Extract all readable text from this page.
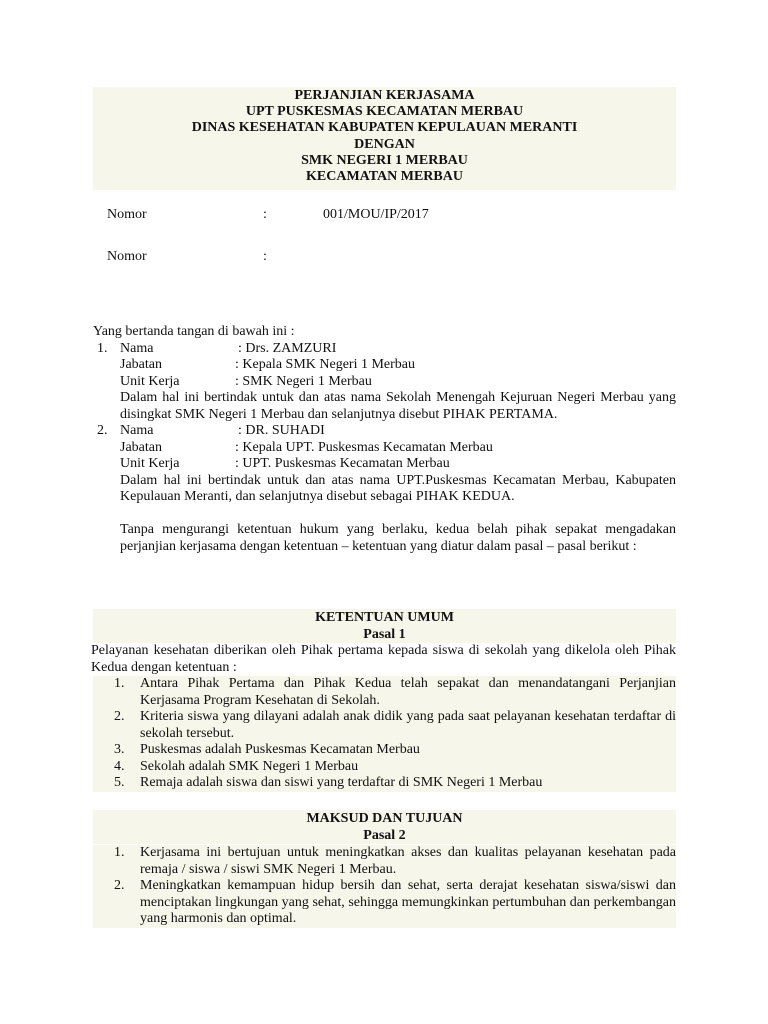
PERJANJIAN KERJASAMA
UPT PUSKESMAS KECAMATAN MERBAU
DINAS KESEHATAN KABUPATEN KEPULAUAN MERANTI
DENGAN
SMK NEGERI 1 MERBAU
KECAMATAN MERBAU
Nomor	:	001/MOU/IP/2017
Nomor	:
Yang bertanda tangan di bawah ini :
1. Nama	: Drs. ZAMZURI
Jabatan	: Kepala SMK Negeri 1 Merbau
Unit Kerja	: SMK Negeri 1 Merbau
Dalam hal ini bertindak untuk dan atas nama Sekolah Menengah Kejuruan Negeri Merbau yang disingkat SMK Negeri 1 Merbau dan selanjutnya disebut PIHAK PERTAMA.
2. Nama	: DR. SUHADI
Jabatan	: Kepala UPT. Puskesmas Kecamatan Merbau
Unit Kerja	: UPT. Puskesmas Kecamatan Merbau
Dalam hal ini bertindak untuk dan atas nama UPT.Puskesmas Kecamatan Merbau, Kabupaten Kepulauan Meranti, dan selanjutnya disebut sebagai PIHAK KEDUA.
Tanpa mengurangi ketentuan hukum yang berlaku, kedua belah pihak sepakat mengadakan perjanjian kerjasama dengan ketentuan – ketentuan yang diatur dalam pasal – pasal berikut :
KETENTUAN UMUM
Pasal 1
Pelayanan kesehatan diberikan oleh Pihak pertama kepada siswa di sekolah yang dikelola oleh Pihak Kedua dengan ketentuan :
1. Antara Pihak Pertama dan Pihak Kedua telah sepakat dan menandatangani Perjanjian Kerjasama Program Kesehatan di Sekolah.
2. Kriteria siswa yang dilayani adalah anak didik yang pada saat pelayanan kesehatan terdaftar di sekolah tersebut.
3. Puskesmas adalah Puskesmas Kecamatan Merbau
4. Sekolah adalah SMK Negeri 1 Merbau
5. Remaja adalah siswa dan siswi yang terdaftar di SMK Negeri 1 Merbau
MAKSUD DAN TUJUAN
Pasal 2
1. Kerjasama ini bertujuan untuk meningkatkan akses dan kualitas pelayanan kesehatan pada remaja / siswa / siswi SMK Negeri 1 Merbau.
2. Meningkatkan kemampuan hidup bersih dan sehat, serta derajat kesehatan siswa/siswi dan menciptakan lingkungan yang sehat, sehingga memungkinkan pertumbuhan dan perkembangan yang harmonis dan optimal.
